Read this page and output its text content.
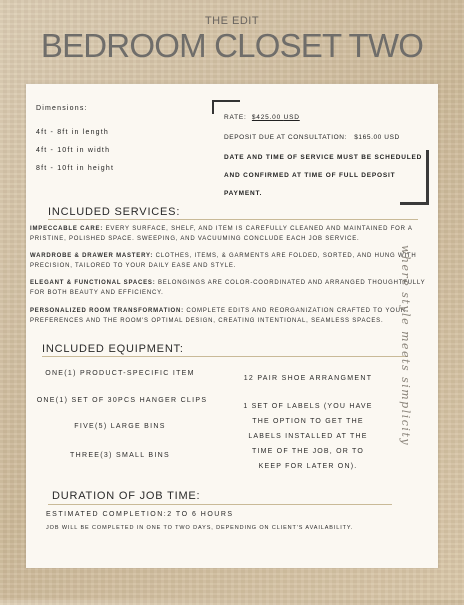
THE EDIT
BEDROOM CLOSET TWO
Dimensions:
4ft - 8ft in length
4ft - 10ft in width
8ft - 10ft in height
RATE: $425.00 USD
DEPOSIT DUE AT CONSULTATION: $165.00 USD
DATE AND TIME OF SERVICE MUST BE SCHEDULED AND CONFIRMED AT TIME OF FULL DEPOSIT PAYMENT.
INCLUDED SERVICES:
IMPECCABLE CARE: EVERY SURFACE, SHELF, AND ITEM IS CAREFULLY CLEANED AND MAINTAINED FOR A PRISTINE, POLISHED SPACE. SWEEPING, AND VACUUMING CONCLUDE EACH JOB SERVICE.
WARDROBE & DRAWER MASTERY: CLOTHES, ITEMS, & GARMENTS ARE FOLDED, SORTED, AND HUNG WITH PRECISION, TAILORED TO YOUR DAILY EASE AND STYLE.
ELEGANT & FUNCTIONAL SPACES: BELONGINGS ARE COLOR-COORDINATED AND ARRANGED THOUGHTFULLY FOR BOTH BEAUTY AND EFFICIENCY.
PERSONALIZED ROOM TRANSFORMATION: COMPLETE EDITS AND REORGANIZATION CRAFTED TO YOUR PREFERENCES AND THE ROOM'S OPTIMAL DESIGN, CREATING INTENTIONAL, SEAMLESS SPACES.
INCLUDED EQUIPMENT:
ONE(1) PRODUCT-SPECIFIC ITEM
ONE(1) SET OF 30PCS HANGER CLIPS
FIVE(5) LARGE BINS
THREE(3) SMALL BINS
12 PAIR SHOE ARRANGMENT
1 SET OF LABELS (YOU HAVE THE OPTION TO GET THE LABELS INSTALLED AT THE TIME OF THE JOB, OR TO KEEP FOR LATER ON).
DURATION OF JOB TIME:
ESTIMATED COMPLETION:2 TO 6 HOURS
JOB WILL BE COMPLETED IN ONE TO TWO DAYS, DEPENDING ON CLIENT'S AVAILABILITY.
where style meets simplicity
